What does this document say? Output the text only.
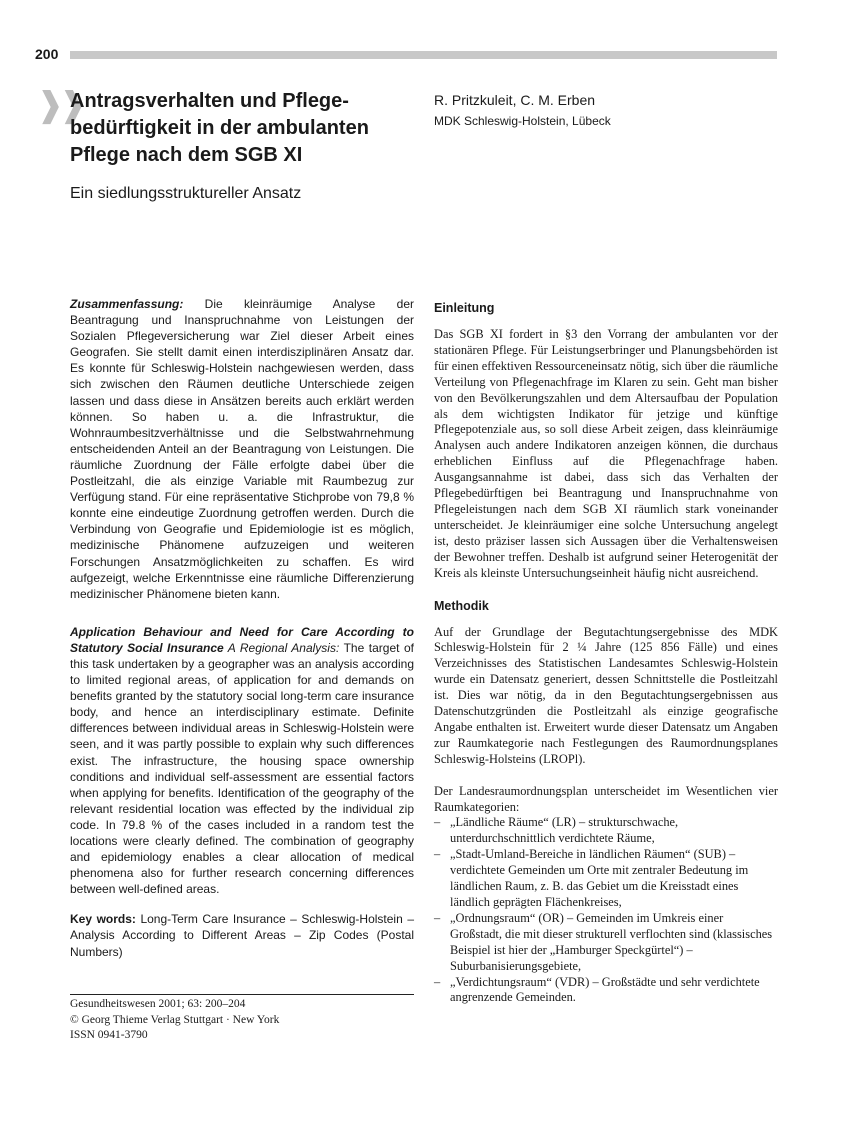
200
❱❱
Antragsverhalten und Pflege-
bedürftigkeit in der ambulanten
Pflege nach dem SGB XI

Ein siedlungsstruktureller Ansatz

R. Pritzkuleit, C. M. Erben
MDK Schleswig-Holstein, Lübeck

Zusammenfassung: Die kleinräumige Analyse der Beantragung und Inanspruchnahme von Leistungen der Sozialen Pflegeversicherung war Ziel dieser Arbeit eines Geografen. Sie stellt damit einen interdisziplinären Ansatz dar. Es konnte für Schleswig-Holstein nachgewiesen werden, dass sich zwischen den Räumen deutliche Unterschiede zeigen lassen und dass diese in Ansätzen bereits auch erklärt werden können. So haben u. a. die Infrastruktur, die Wohnraumbesitzverhältnisse und die Selbstwahrnehmung entscheidenden Anteil an der Beantragung von Leistungen. Die räumliche Zuordnung der Fälle erfolgte dabei über die Postleitzahl, die als einzige Variable mit Raumbezug zur Verfügung stand. Für eine repräsentative Stichprobe von 79,8 % konnte eine eindeutige Zuordnung getroffen werden. Durch die Verbindung von Geografie und Epidemiologie ist es möglich, medizinische Phänomene aufzuzeigen und weiteren Forschungen Ansatzmöglichkeiten zu schaffen. Es wird aufgezeigt, welche Erkenntnisse eine räumliche Differenzierung medizinischer Phänomene bieten kann.

Application Behaviour and Need for Care According to Statutory Social Insurance A Regional Analysis: The target of this task undertaken by a geographer was an analysis according to limited regional areas, of application for and demands on benefits granted by the statutory social long-term care insurance body, and hence an interdisciplinary estimate. Definite differences between individual areas in Schleswig-Holstein were seen, and it was partly possible to explain why such differences exist. The infrastructure, the housing space ownership conditions and individual self-assessment are essential factors when applying for benefits. Identification of the geography of the relevant residential location was effected by the individual zip code. In 79.8 % of the cases included in a random test the locations were clearly defined. The combination of geography and epidemiology enables a clear allocation of medical phenomena also for further research concerning differences between well-defined areas.

Key words: Long-Term Care Insurance – Schleswig-Holstein – Analysis According to Different Areas – Zip Codes (Postal Numbers)

Gesundheitswesen 2001; 63: 200–204
© Georg Thieme Verlag Stuttgart · New York
ISSN 0941-3790
Einleitung

Das SGB XI fordert in §3 den Vorrang der ambulanten vor der stationären Pflege. Für Leistungserbringer und Planungsbehörden ist für einen effektiven Ressourceneinsatz nötig, sich über die räumliche Verteilung von Pflegenachfrage im Klaren zu sein. Geht man bisher von den Bevölkerungszahlen und dem Altersaufbau der Population als dem wichtigsten Indikator für jetzige und künftige Pflegepotenziale aus, so soll diese Arbeit zeigen, dass kleinräumige Analysen auch andere Indikatoren anzeigen können, die durchaus erheblichen Einfluss auf die Pflegenachfrage haben. Ausgangsannahme ist dabei, dass sich das Verhalten der Pflegebedürftigen bei Beantragung und Inanspruchnahme von Pflegeleistungen nach dem SGB XI räumlich stark voneinander unterscheidet. Je kleinräumiger eine solche Untersuchung angelegt ist, desto präziser lassen sich Aussagen über die Verhaltensweisen der Bewohner treffen. Deshalb ist aufgrund seiner Heterogenität der Kreis als kleinste Untersuchungseinheit häufig nicht ausreichend.

Methodik

Auf der Grundlage der Begutachtungsergebnisse des MDK Schleswig-Holstein für 2 ¼ Jahre (125 856 Fälle) und eines Verzeichnisses des Statistischen Landesamtes Schleswig-Holstein wurde ein Datensatz generiert, dessen Schnittstelle die Postleitzahl ist. Dies war nötig, da in den Begutachtungsergebnissen aus Datenschutzgründen die Postleitzahl als einzige geografische Angabe enthalten ist. Erweitert wurde dieser Datensatz um Angaben zur Raumkategorie nach Festlegungen des Raumordnungsplanes Schleswig-Holsteins (LROPl).

Der Landesraumordnungsplan unterscheidet im Wesentlichen vier Raumkategorien:

– „Ländliche Räume“ (LR) – strukturschwache, unterdurchschnittlich verdichtete Räume,
– „Stadt-Umland-Bereiche in ländlichen Räumen“ (SUB) – verdichtete Gemeinden um Orte mit zentraler Bedeutung im ländlichen Raum, z. B. das Gebiet um die Kreisstadt eines ländlich geprägten Flächenkreises,
– „Ordnungsraum“ (OR) – Gemeinden im Umkreis einer Großstadt, die mit dieser strukturell verflochten sind (klassisches Beispiel ist hier der „Hamburger Speckgürtel“) – Suburbanisierungsgebiete,
– „Verdichtungsraum“ (VDR) – Großstädte und sehr verdichtete angrenzende Gemeinden.
